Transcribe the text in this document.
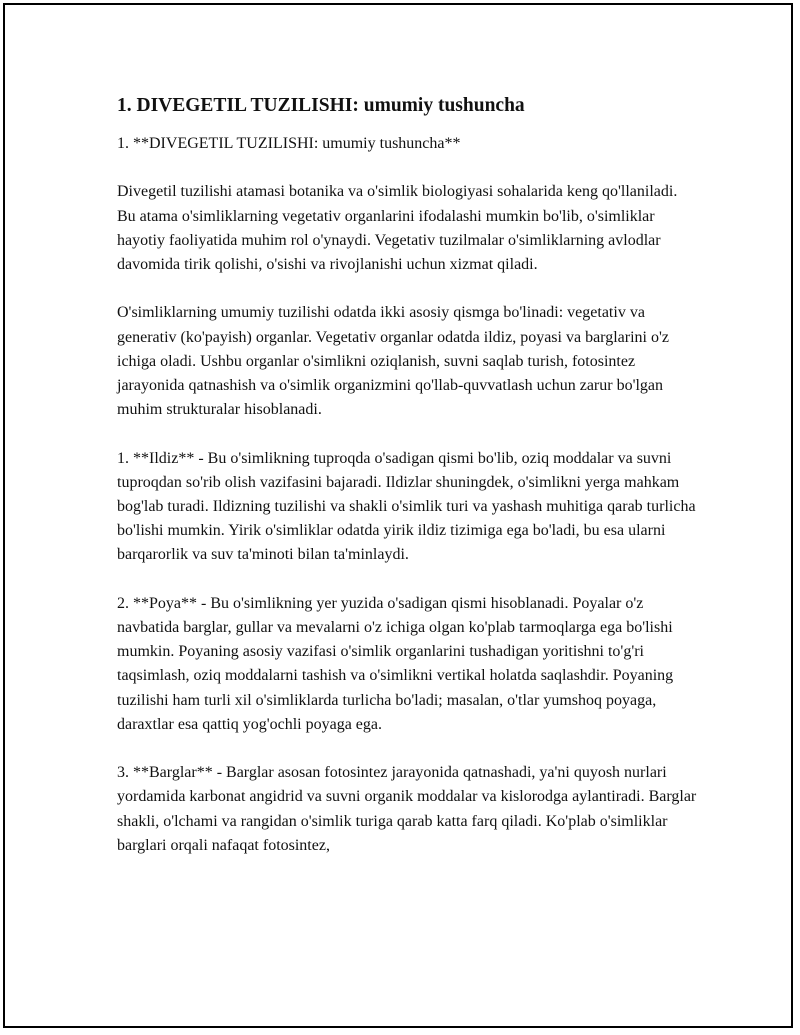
1. DIVEGETIL TUZILISHI: umumiy tushuncha

1. **DIVEGETIL TUZILISHI: umumiy tushuncha**

Divegetil tuzilishi atamasi botanika va o'simlik biologiyasi sohalarida keng qo'llaniladi. Bu atama o'simliklarning vegetativ organlarini ifodalashi mumkin bo'lib, o'simliklar hayotiy faoliyatida muhim rol o'ynaydi. Vegetativ tuzilmalar o'simliklarning avlodlar davomida tirik qolishi, o'sishi va rivojlanishi uchun xizmat qiladi.

O'simliklarning umumiy tuzilishi odatda ikki asosiy qismga bo'linadi: vegetativ va generativ (ko'payish) organlar. Vegetativ organlar odatda ildiz, poyasi va barglarini o'z ichiga oladi. Ushbu organlar o'simlikni oziqlanish, suvni saqlab turish, fotosintez jarayonida qatnashish va o'simlik organizmini qo'llab-quvvatlash uchun zarur bo'lgan muhim strukturalar hisoblanadi.

1. **Ildiz** - Bu o'simlikning tuproqda o'sadigan qismi bo'lib, oziq moddalar va suvni tuproqdan so'rib olish vazifasini bajaradi. Ildizlar shuningdek, o'simlikni yerga mahkam bog'lab turadi. Ildizning tuzilishi va shakli o'simlik turi va yashash muhitiga qarab turlicha bo'lishi mumkin. Yirik o'simliklar odatda yirik ildiz tizimiga ega bo'ladi, bu esa ularni barqarorlik va suv ta'minoti bilan ta'minlaydi.

2. **Poya** - Bu o'simlikning yer yuzida o'sadigan qismi hisoblanadi. Poyalar o'z navbatida barglar, gullar va mevalarni o'z ichiga olgan ko'plab tarmoqlarga ega bo'lishi mumkin. Poyaning asosiy vazifasi o'simlik organlarini tushadigan yoritishni to'g'ri taqsimlash, oziq moddalarni tashish va o'simlikni vertikal holatda saqlashdir. Poyaning tuzilishi ham turli xil o'simliklarda turlicha bo'ladi; masalan, o'tlar yumshoq poyaga, daraxtlar esa qattiq yog'ochli poyaga ega.

3. **Barglar** - Barglar asosan fotosintez jarayonida qatnashadi, ya'ni quyosh nurlari yordamida karbonat angidrid va suvni organik moddalar va kislorodga aylantiradi. Barglar shakli, o'lchami va rangidan o'simlik turiga qarab katta farq qiladi. Ko'plab o'simliklar barglari orqali nafaqat fotosintez,
